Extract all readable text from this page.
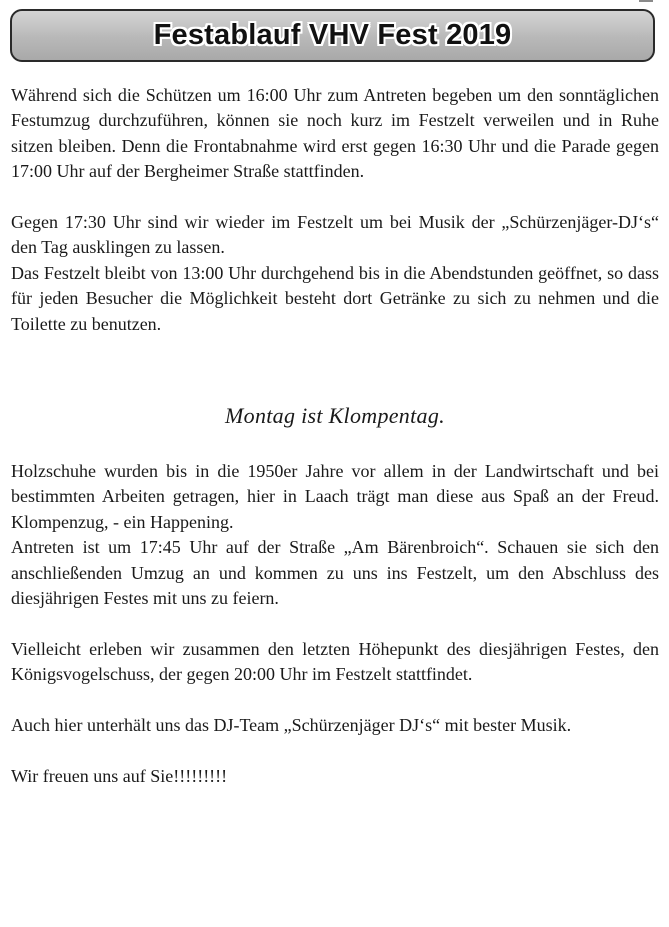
Festablauf VHV Fest 2019

Während sich die Schützen um 16:00 Uhr zum Antreten begeben um den sonntäglichen Festumzug durchzuführen, können sie noch kurz im Festzelt verweilen und in Ruhe sitzen bleiben. Denn die Frontabnahme wird erst gegen 16:30 Uhr und die Parade gegen 17:00 Uhr auf der Bergheimer Straße stattfinden.

Gegen 17:30 Uhr sind wir wieder im Festzelt um bei Musik der „Schürzenjäger-DJ‘s“ den Tag ausklingen zu lassen.

Das Festzelt bleibt von 13:00 Uhr durchgehend bis in die Abendstunden geöffnet, so dass für jeden Besucher die Möglichkeit besteht dort Getränke zu sich zu nehmen und die Toilette zu benutzen.

Montag ist Klompentag.

Holzschuhe wurden bis in die 1950er Jahre vor allem in der Landwirtschaft und bei bestimmten Arbeiten getragen, hier in Laach trägt man diese aus Spaß an der Freud. Klompenzug, - ein Happening.

Antreten ist um 17:45 Uhr auf der Straße „Am Bärenbroich“. Schauen sie sich den anschließenden Umzug an und kommen zu uns ins Festzelt, um den Abschluss des diesjährigen Festes mit uns zu feiern.

Vielleicht erleben wir zusammen den letzten Höhepunkt des diesjährigen Festes, den Königsvogelschuss, der gegen 20:00 Uhr im Festzelt stattfindet.

Auch hier unterhält uns das DJ-Team „Schürzenjäger DJ‘s“ mit bester Musik.

Wir freuen uns auf Sie!!!!!!!!!
